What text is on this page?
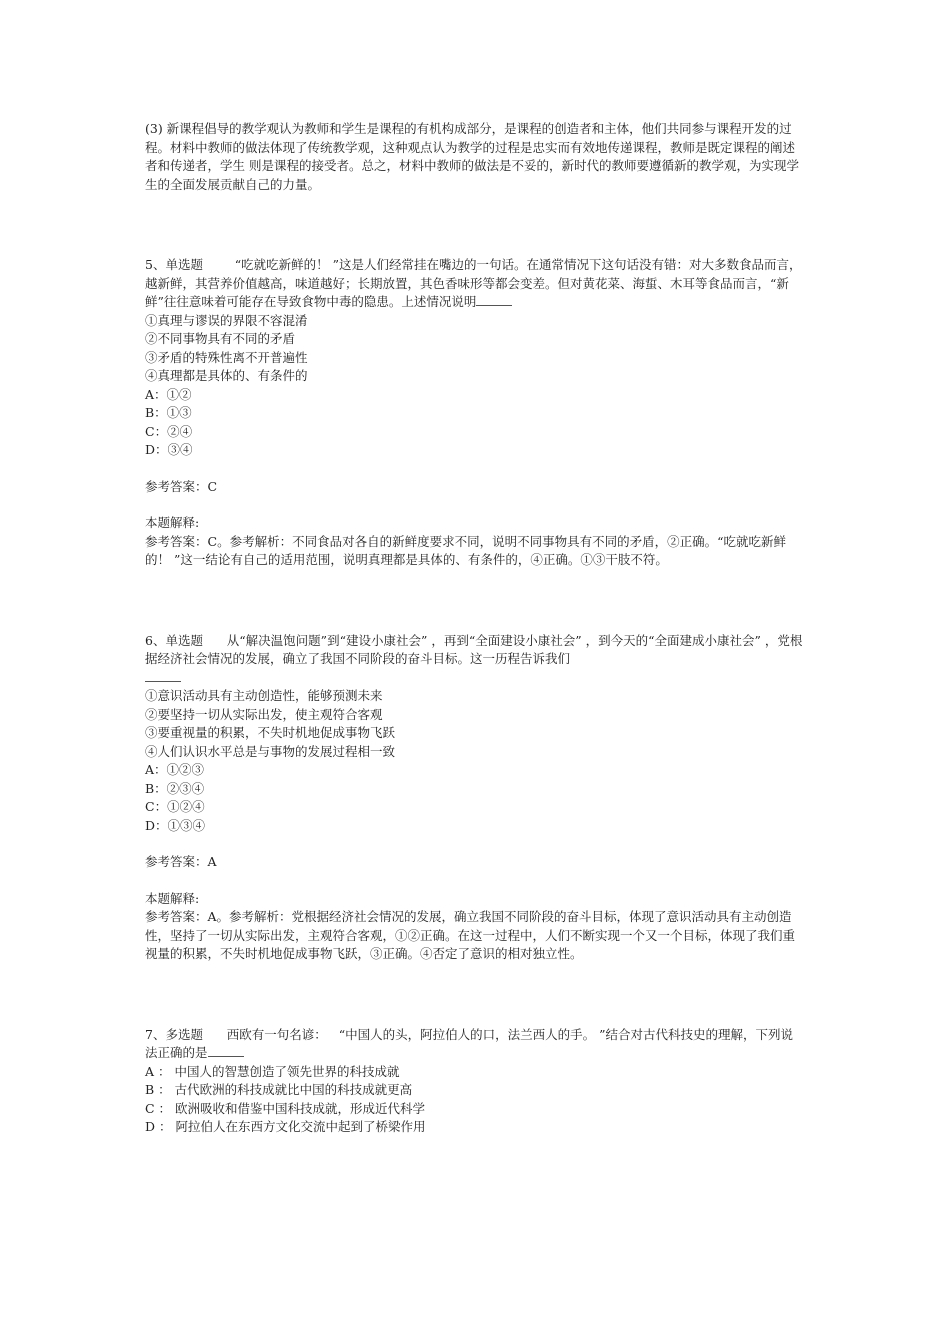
(3) 新课程倡导的教学观认为教师和学生是课程的有机构成部分，是课程的创造者和主体，他们共同参与课程开发的过程。材料中教师的做法体现了传统教学观，这种观点认为教学的过程是忠实而有效地传递课程，教师是既定课程的阐述者和传递者，学生 则是课程的接受者。总之，材料中教师的做法是不妥的，新时代的教师要遵循新的教学观，为实现学生的全面发展贡献自己的力量。

5、单选题        “吃就吃新鲜的！ ”这是人们经常挂在嘴边的一句话。在通常情况下这句话没有错：对大多数食品而言，越新鲜，其营养价值越高，味道越好；长期放置，其色香味形等都会变差。但对黄花菜、海蜇、木耳等食品而言，“新鲜”往往意味着可能存在导致食物中毒的隐患。上述情况说明

①真理与谬误的界限不容混淆
②不同事物具有不同的矛盾
③矛盾的特殊性离不开普遍性
④真理都是具体的、有条件的
A：①②
B：①③
C：②④
D：③④
参考答案：C
本题解释:

参考答案：C。参考解析：不同食品对各自的新鲜度要求不同，说明不同事物具有不同的矛盾，②正确。“吃就吃新鲜的！ ”这一结论有自己的适用范围，说明真理都是具体的、有条件的，④正确。①③干肢不符。

6、单选题      从“解决温饱问题”到“建设小康社会” ，再到“全面建设小康社会” ，到今天的“全面建成小康社会” ，党根据经济社会情况的发展，确立了我国不同阶段的奋斗目标。这一历程告诉我们

①意识活动具有主动创造性，能够预测未来
②要坚持一切从实际出发，使主观符合客观
③要重视量的积累，不失时机地促成事物飞跃
④人们认识水平总是与事物的发展过程相一致
A：①②③
B：②③④
C：①②④
D：①③④
参考答案：A
本题解释:

参考答案：A。参考解析：党根据经济社会情况的发展，确立我国不同阶段的奋斗目标，体现了意识活动具有主动创造性，坚持了一切从实际出发，主观符合客观，①②正确。在这一过程中，人们不断实现一个又一个目标，体现了我们重视量的积累，不失时机地促成事物飞跃，③正确。④否定了意识的相对独立性。

7、多选题      西欧有一句名谚：   “中国人的头，阿拉伯人的口，法兰西人的手。 ”结合对古代科技史的理解，下列说法正确的是

A ： 中国人的智慧创造了领先世界的科技成就
B ： 古代欧洲的科技成就比中国的科技成就更高
C ： 欧洲吸收和借鉴中国科技成就，形成近代科学
D ： 阿拉伯人在东西方文化交流中起到了桥梁作用
